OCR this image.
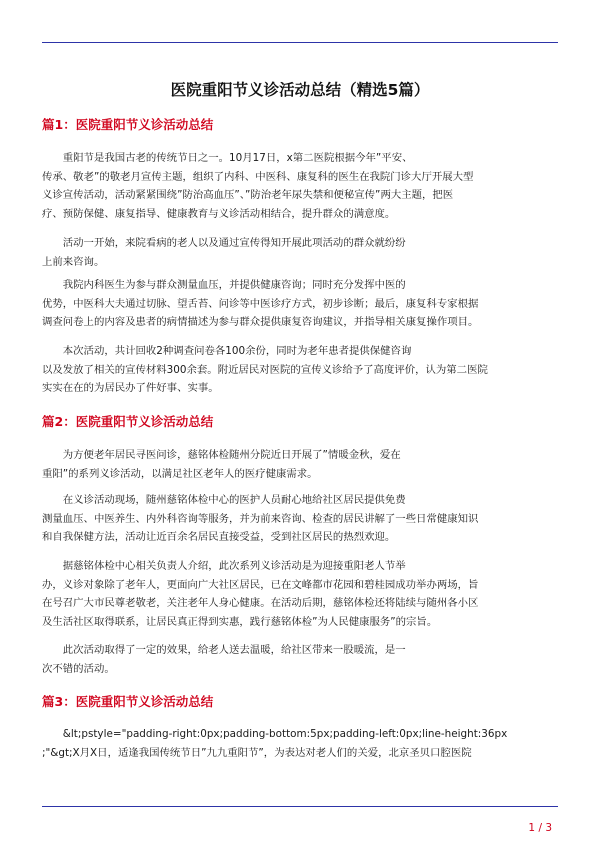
医院重阳节义诊活动总结（精选5篇）
篇1：医院重阳节义诊活动总结

　　重阳节是我国古老的传统节日之一。10月17日，x第二医院根据今年”平安、
传承、敬老”的敬老月宣传主题，组织了内科、中医科、康复科的医生在我院门诊大厅开展大型
义诊宣传活动，活动紧紧围绕”防治高血压”、”防治老年尿失禁和便秘宣传”两大主题，把医
疗、预防保健、康复指导、健康教育与义诊活动相结合，提升群众的满意度。

　　活动一开始，来院看病的老人以及通过宣传得知开展此项活动的群众就纷纷
上前来咨询。

　　我院内科医生为参与群众测量血压，并提供健康咨询；同时充分发挥中医的
优势，中医科大夫通过切脉、望舌苔、问诊等中医诊疗方式，初步诊断；最后，康复科专家根据
调查问卷上的内容及患者的病情描述为参与群众提供康复咨询建议，并指导相关康复操作项目。

　　本次活动，共计回收2种调查问卷各100余份，同时为老年患者提供保健咨询
以及发放了相关的宣传材料300余套。附近居民对医院的宣传义诊给予了高度评价，认为第二医院
实实在在的为居民办了件好事、实事。

篇2：医院重阳节义诊活动总结

　　为方便老年居民寻医问诊，慈铭体检随州分院近日开展了”情暖金秋，爱在
重阳”的系列义诊活动，以满足社区老年人的医疗健康需求。

　　在义诊活动现场，随州慈铭体检中心的医护人员耐心地给社区居民提供免费
测量血压、中医养生、内外科咨询等服务，并为前来咨询、检查的居民讲解了一些日常健康知识
和自我保健方法，活动让近百余名居民直接受益，受到社区居民的热烈欢迎。

　　据慈铭体检中心相关负责人介绍，此次系列义诊活动是为迎接重阳老人节举
办，义诊对象除了老年人，更面向广大社区居民，已在文峰都市花园和碧桂园成功举办两场，旨
在号召广大市民尊老敬老，关注老年人身心健康。在活动后期，慈铭体检还将陆续与随州各小区
及生活社区取得联系，让居民真正得到实惠，践行慈铭体检”为人民健康服务”的宗旨。

　　此次活动取得了一定的效果，给老人送去温暖，给社区带来一股暖流，是一
次不错的活动。

篇3：医院重阳节义诊活动总结

　　&lt;pstyle="padding-right:0px;padding-bottom:5px;padding-left:0px;line-height:36px
;"&gt;X月X日，适逢我国传统节日”九九重阳节”，为表达对老人们的关爱，北京圣贝口腔医院

1 / 3
